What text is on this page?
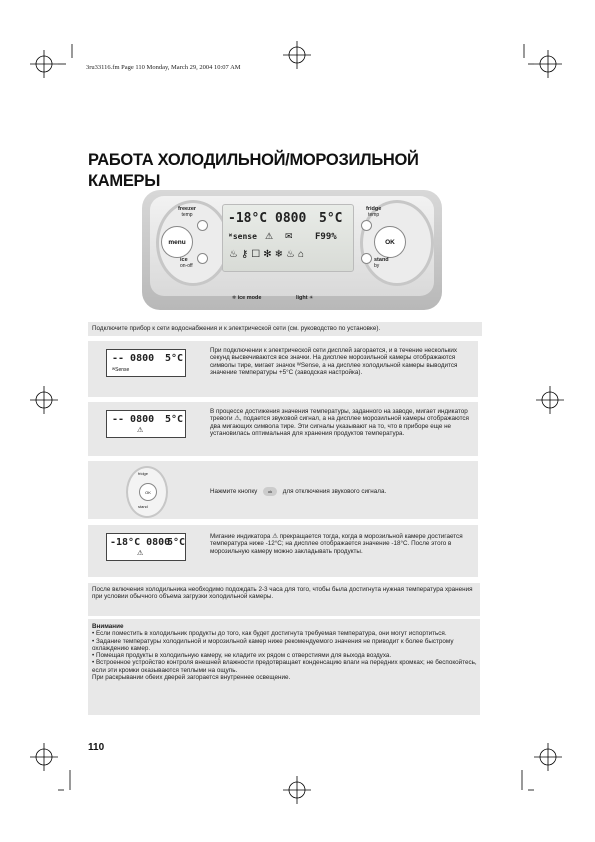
3ru33116.fm Page 110 Monday, March 29, 2004 10:07 AM
РАБОТА ХОЛОДИЛЬНОЙ/МОРОЗИЛЬНОЙ
КАМЕРЫ
freezer
temp
menu
ice
on-off
fridge
temp
OK
stand
by
-18°C 0800 5°C
ᵂsense ⚠ ✉ F99%
♨⚷☐✻❄♨⌂
❄ ice mode	light ☀
Подключите прибор к сети водоснабжения и к электрической сети (см. руководство по установке).
-- 0800 5°C
ᵂSense
При подключении к электрической сети дисплей загорается, и в течение нескольких секунд высвечиваются все значки. На дисплее морозильной камеры отображаются символы тире, мигает значок ᵂSense, а на дисплее холодильной камеры выводится значение температуры +5°C (заводская настройка).
-- 0800 5°C
⚠
В процессе достижения значения температуры, заданного на заводе, мигает индикатор тревоги ⚠, подается звуковой сигнал, а на дисплее морозильной камеры отображаются два мигающих символа тире. Эти сигналы указывают на то, что в приборе еще не установилась оптимальная для хранения продуктов температура.
fridge
OK
stand
Нажмите кнопку	ok для отключения звукового сигнала.
-18°C 0800
5°C
⚠
Мигание индикатора ⚠ прекращается тогда, когда в морозильной камере достигается температура ниже -12°C; на дисплее отображается значение -18°C. После этого в морозильную камеру можно закладывать продукты.
После включения холодильника необходимо подождать 2-3 часа для того, чтобы была достигнута нужная температура хранения при условии обычного объема загрузки холодильной камеры.
Внимание
• Если поместить в холодильник продукты до того, как будет достигнута требуемая температура, они могут испортиться.
• Задание температуры холодильной и морозильной камер ниже рекомендуемого значения не приводит к более быстрому охлаждению камер.
• Помещая продукты в холодильную камеру, не кладите их рядом с отверстиями для выхода воздуха.
• Встроенное устройство контроля внешней влажности предотвращает конденсацию влаги на передних кромках; не беспокойтесь, если эти кромки оказываются теплыми на ощупь.
При раскрывании обеих дверей загорается внутреннее освещение.
110
